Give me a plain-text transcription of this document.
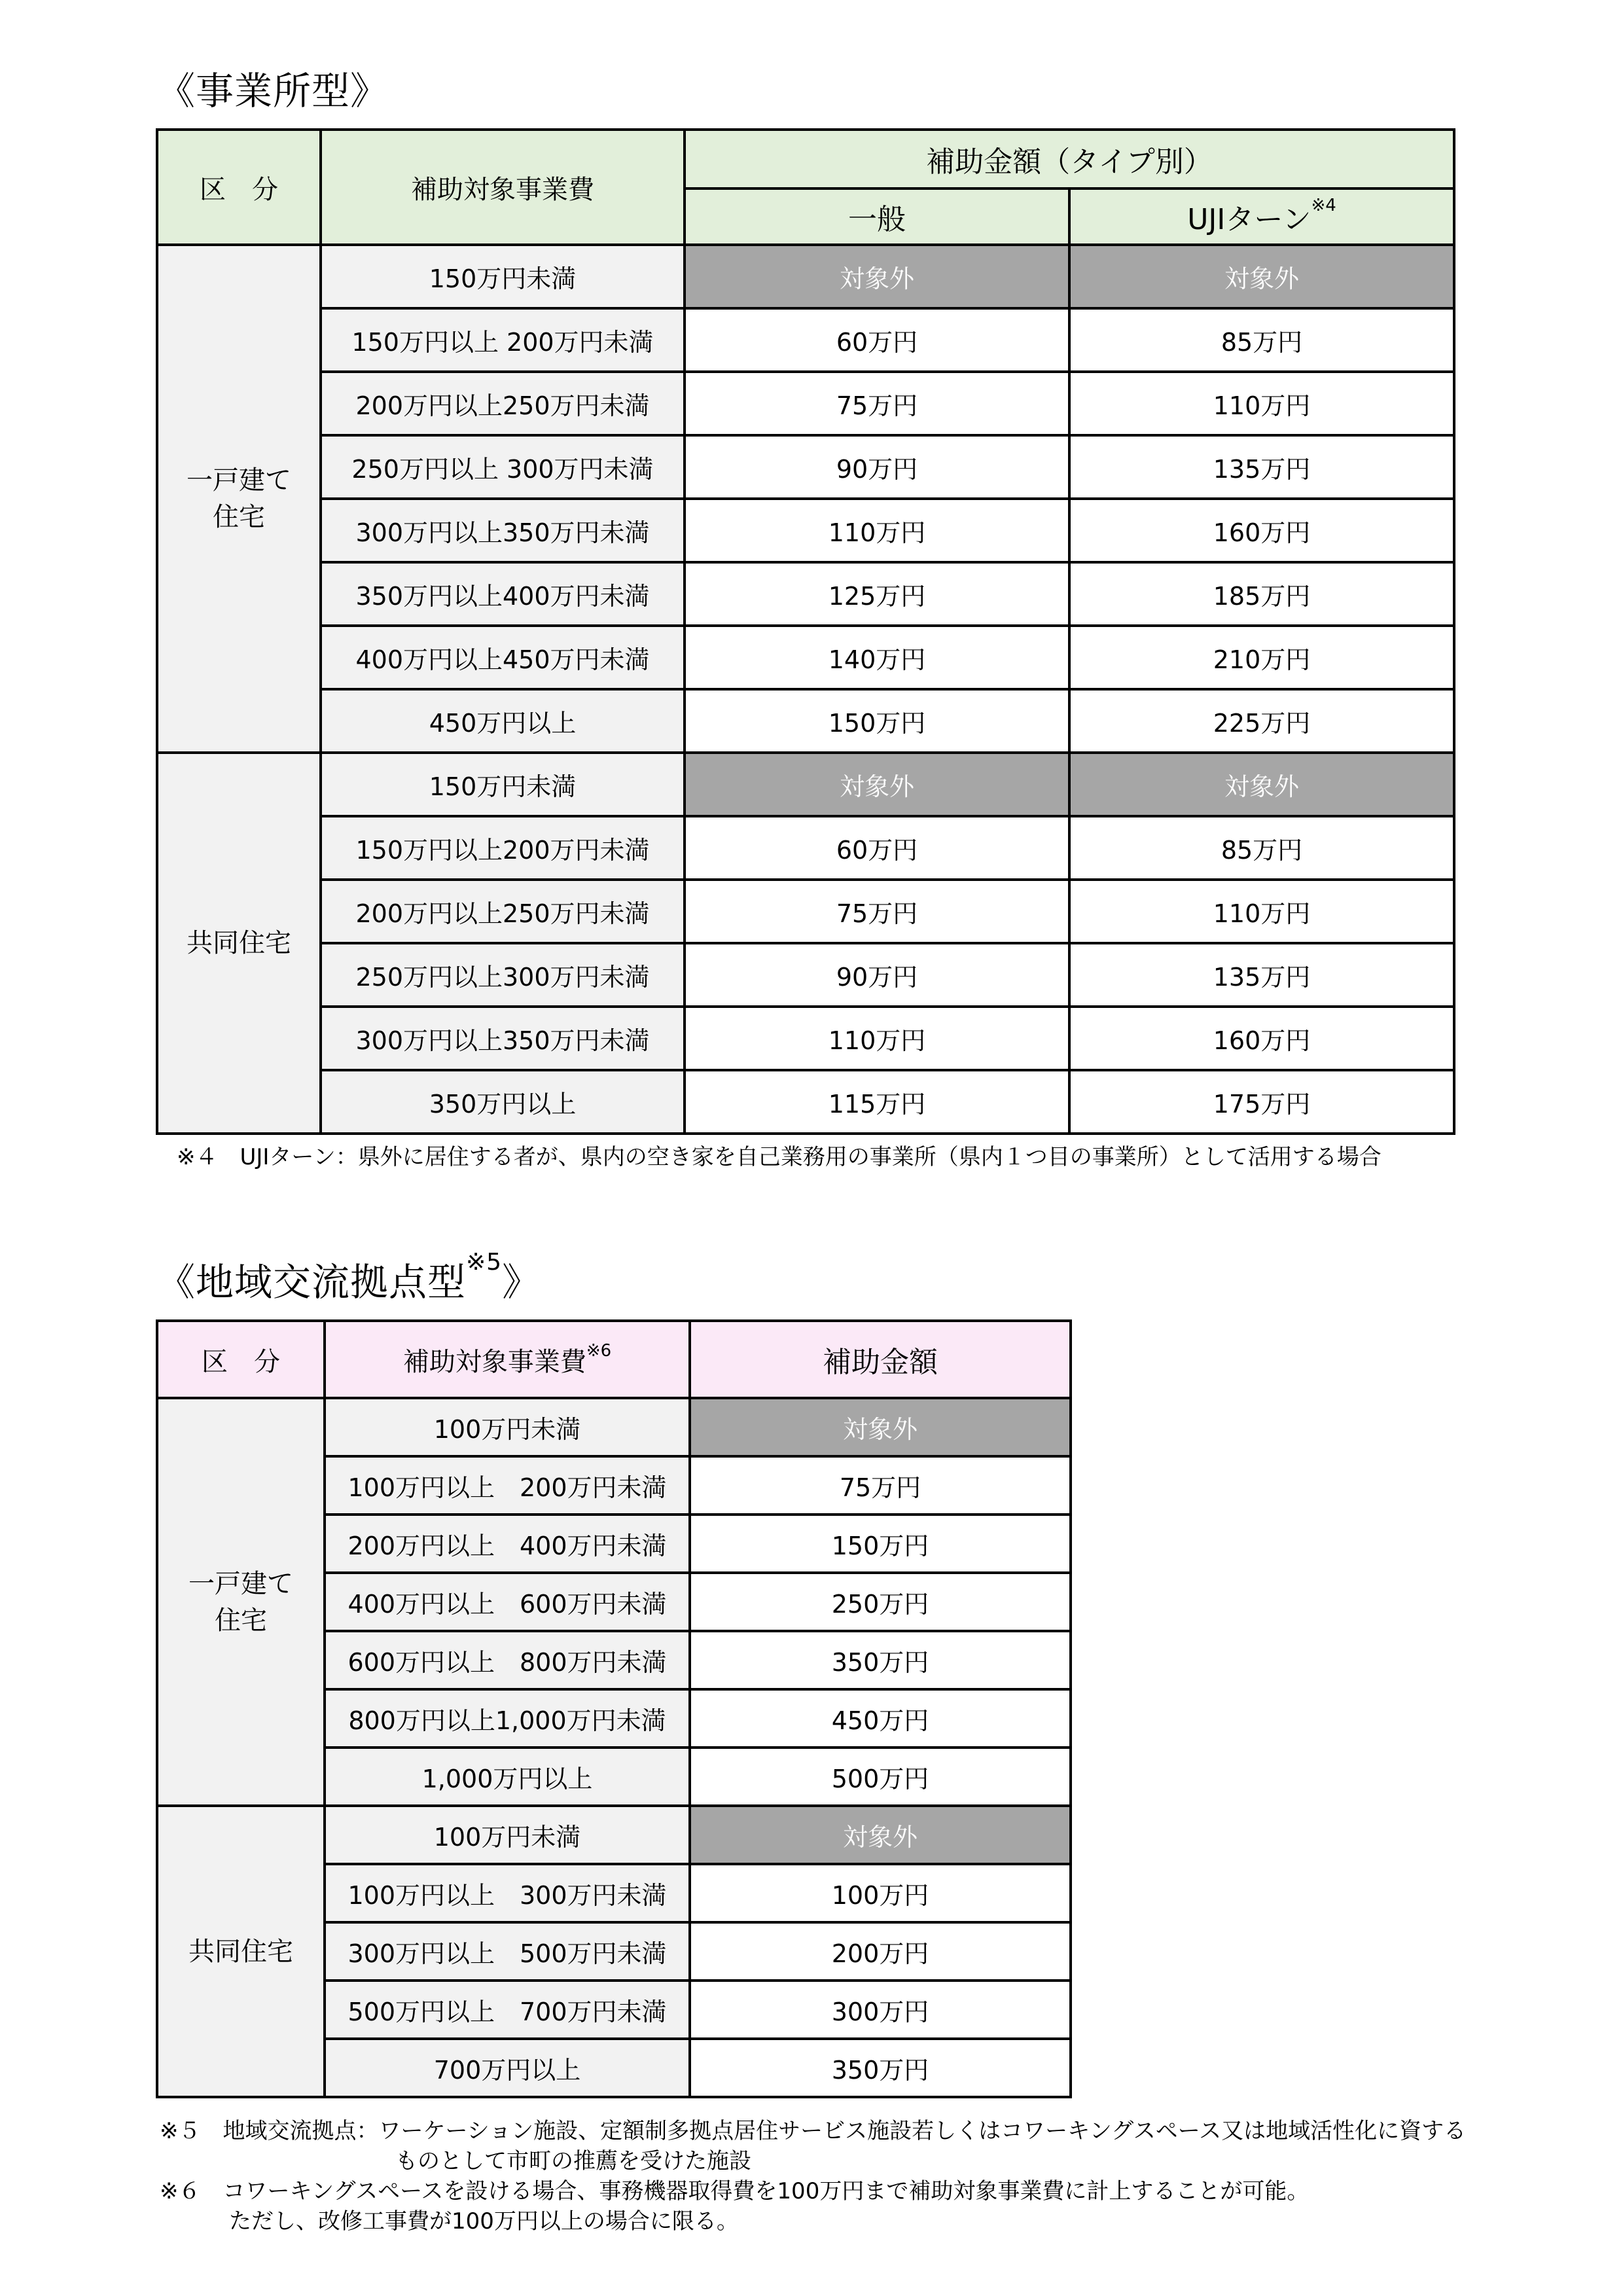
《事業所型》
区　分	補助対象事業費	補助金額（タイプ別）	
		一般	UJIターン$^{※4}$
一戸建て
住宅	150万円未満	対象外	対象外
	150万円以上 200万円未満	60万円	85万円
	200万円以上250万円未満	75万円	110万円
	250万円以上 300万円未満	90万円	135万円
	300万円以上350万円未満	110万円	160万円
	350万円以上400万円未満	125万円	185万円
	400万円以上450万円未満	140万円	210万円
	450万円以上	150万円	225万円
共同住宅	150万円未満	対象外	対象外
	150万円以上200万円未満	60万円	85万円
	200万円以上250万円未満	75万円	110万円
	250万円以上300万円未満	90万円	135万円
	300万円以上350万円未満	110万円	160万円
	350万円以上	115万円	175万円
※４　UJIターン：県外に居住する者が、県内の空き家を自己業務用の事業所（県内１つ目の事業所）として活用する場合
《地域交流拠点型$^{※5}$》
区　分	補助対象事業費$^{※6}$	補助金額
一戸建て
住宅	100万円未満	対象外
	100万円以上　200万円未満	75万円
	200万円以上　400万円未満	150万円
	400万円以上　600万円未満	250万円
	600万円以上　800万円未満	350万円
	800万円以上1,000万円未満	450万円
	1,000万円以上	500万円
共同住宅	100万円未満	対象外
	100万円以上　300万円未満	100万円
	300万円以上　500万円未満	200万円
	500万円以上　700万円未満	300万円
	700万円以上	350万円
※５　地域交流拠点：ワーケーション施設、定額制多拠点居住サービス施設若しくはコワーキングスペース又は地域活性化に資する
ものとして市町の推薦を受けた施設
※６　コワーキングスペースを設ける場合、事務機器取得費を100万円まで補助対象事業費に計上することが可能。
ただし、改修工事費が100万円以上の場合に限る。
